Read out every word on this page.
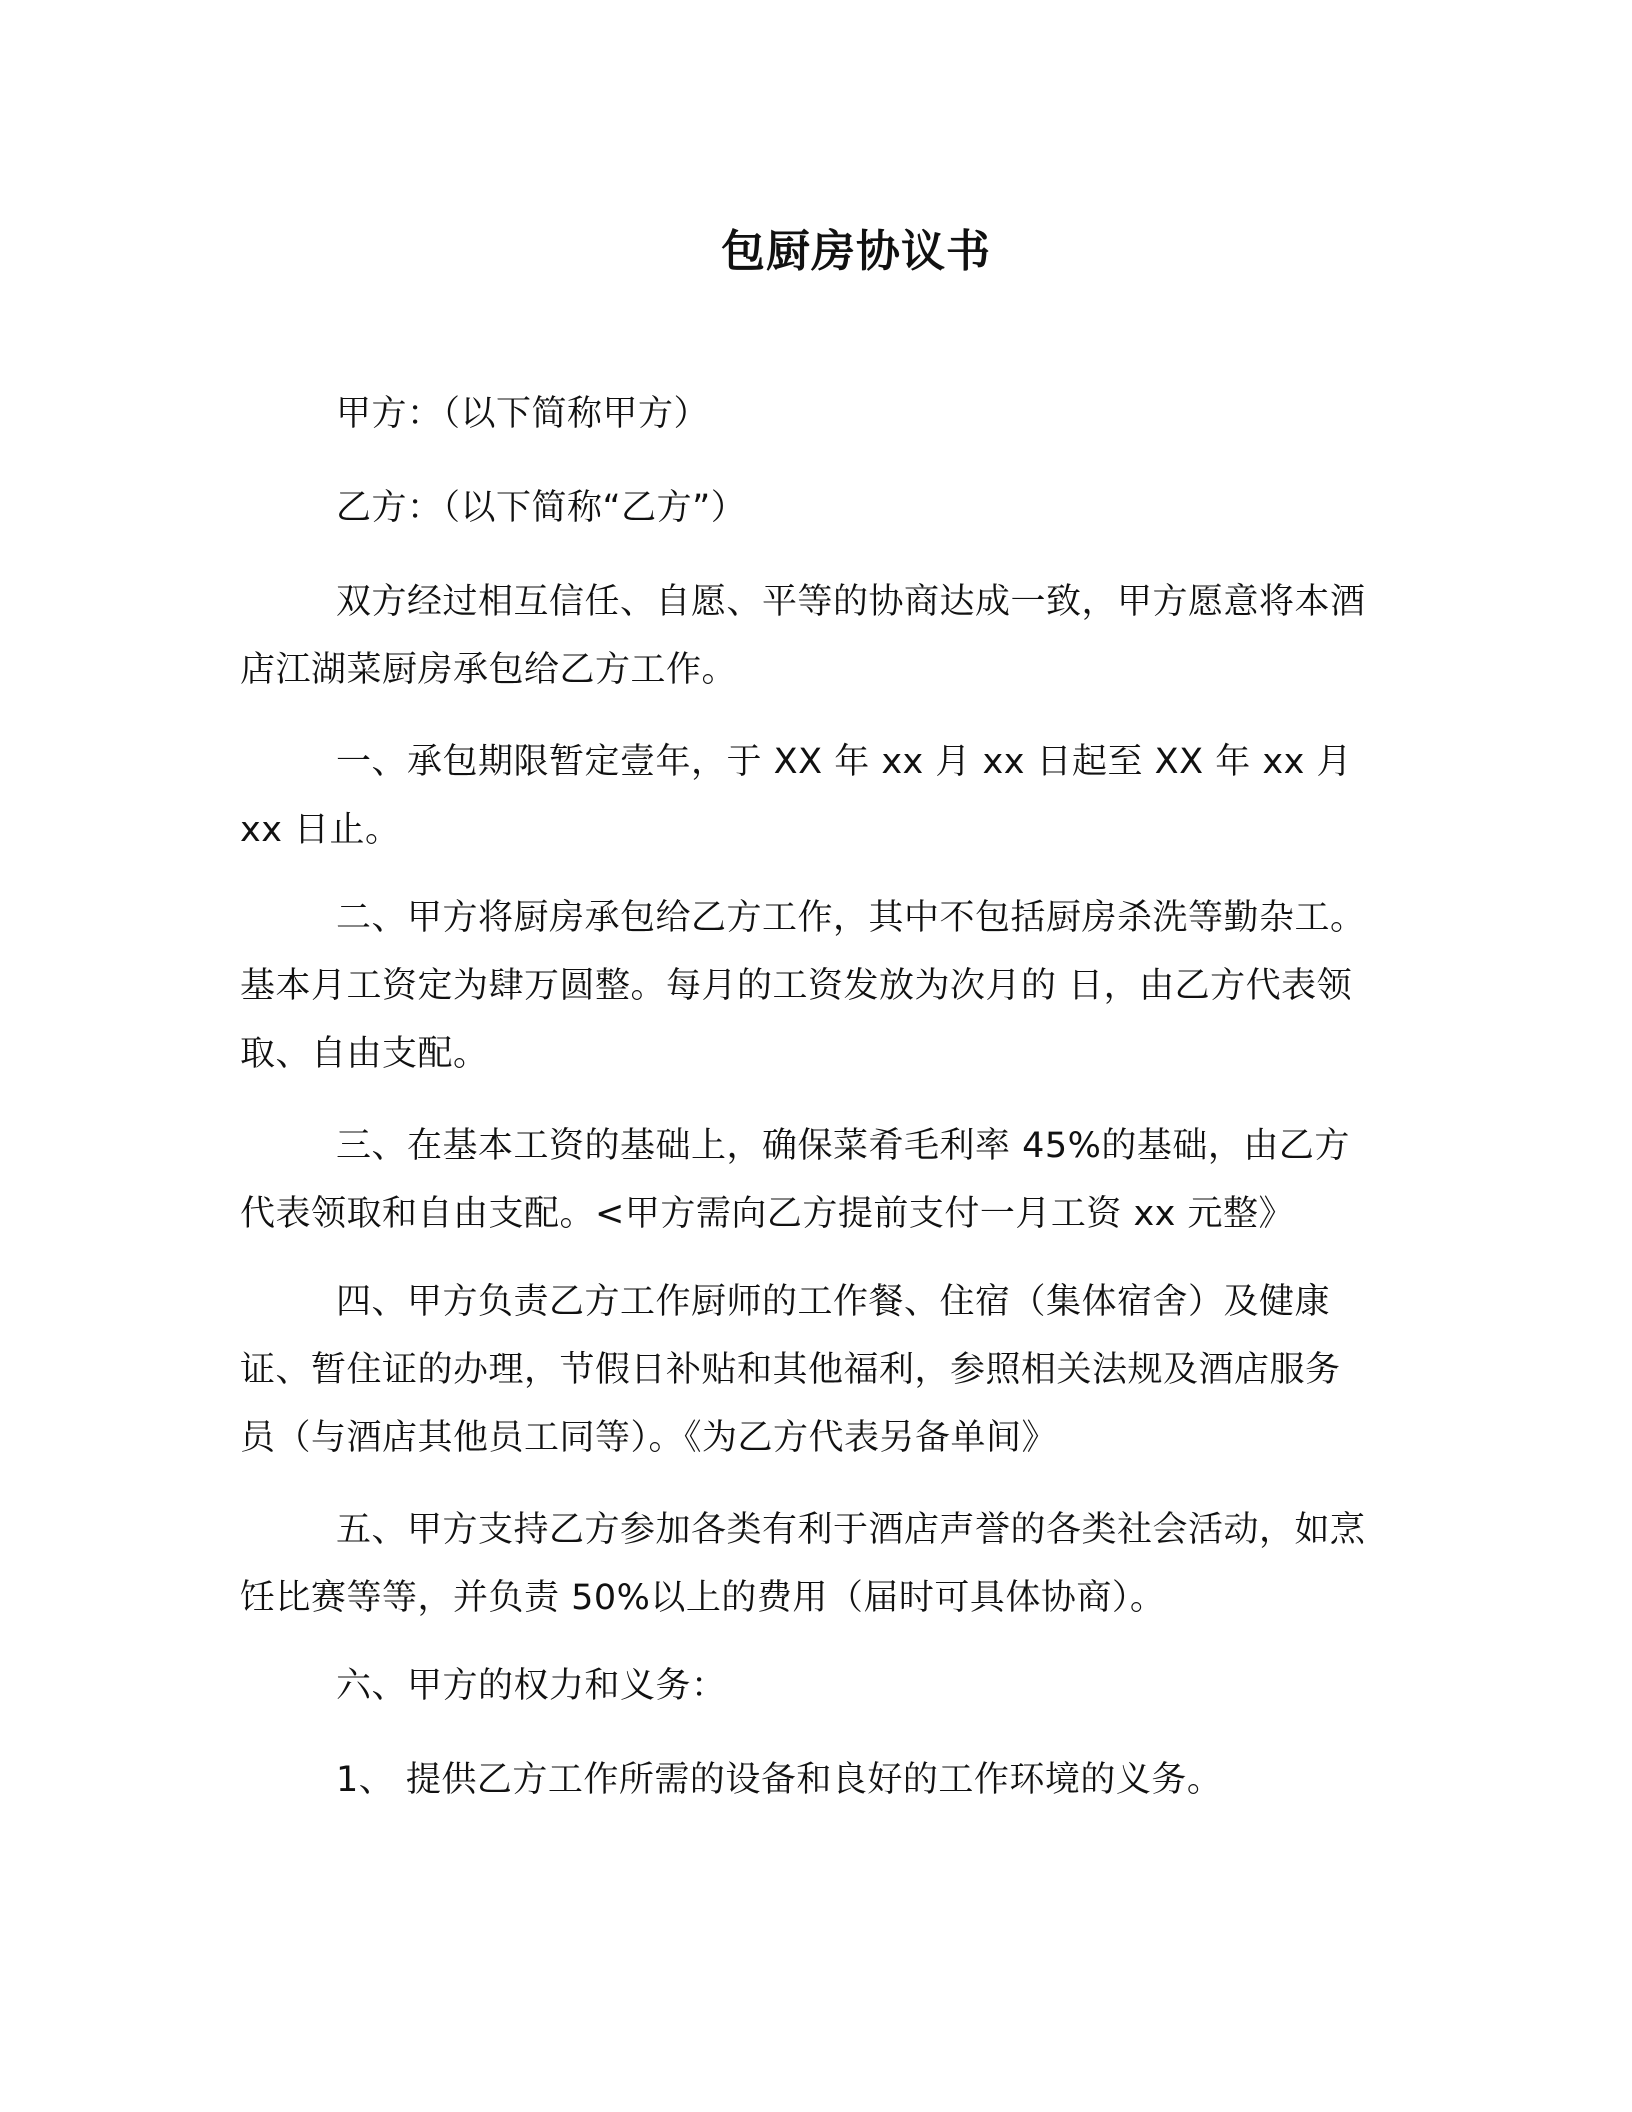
包厨房协议书

甲方：（以下简称甲方）

乙方：（以下简称“乙方”）

双方经过相互信任、自愿、平等的协商达成一致，甲方愿意将本酒店江湖菜厨房承包给乙方工作。

一、承包期限暂定壹年，于 XX 年 xx 月 xx 日起至 XX 年 xx 月 xx 日止。

二、甲方将厨房承包给乙方工作，其中不包括厨房杀洗等勤杂工。基本月工资定为肆万圆整。每月的工资发放为次月的 日，由乙方代表领取、自由支配。

三、在基本工资的基础上，确保菜肴毛利率 45%的基础，由乙方代表领取和自由支配。<甲方需向乙方提前支付一月工资 xx 元整》

四、甲方负责乙方工作厨师的工作餐、住宿（集体宿舍）及健康证、暂住证的办理，节假日补贴和其他福利，参照相关法规及酒店服务员（与酒店其他员工同等）。《为乙方代表另备单间》

五、甲方支持乙方参加各类有利于酒店声誉的各类社会活动，如烹饪比赛等等，并负责 50%以上的费用（届时可具体协商）。

六、甲方的权力和义务：

1、 提供乙方工作所需的设备和良好的工作环境的义务。
